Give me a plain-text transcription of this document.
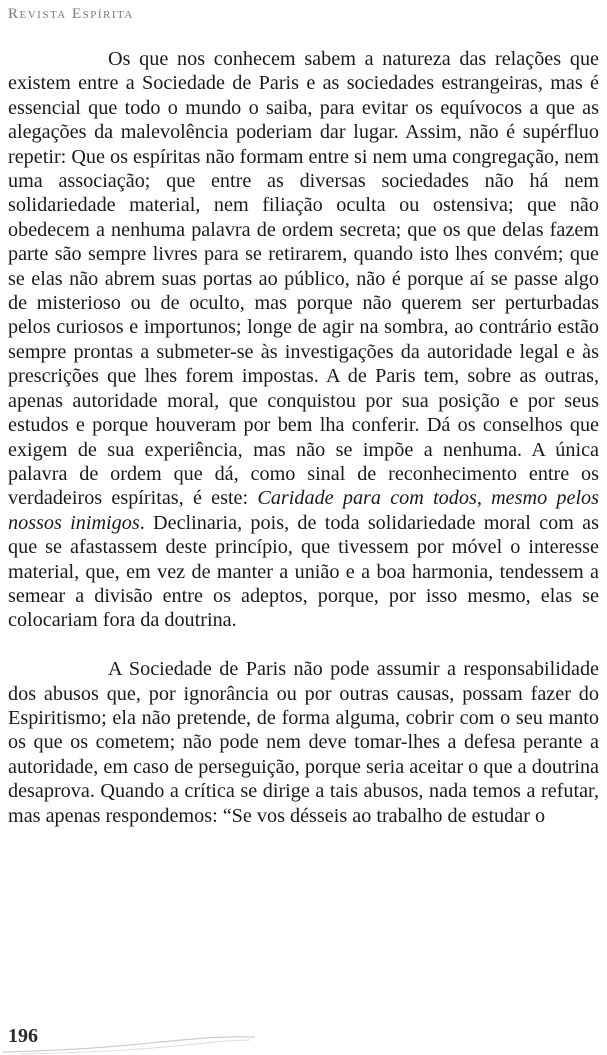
Revista Espírita

Os que nos conhecem sabem a natureza das relações que existem entre a Sociedade de Paris e as sociedades estrangeiras, mas é essencial que todo o mundo o saiba, para evitar os equívocos a que as alegações da malevolência poderiam dar lugar. Assim, não é supérfluo repetir: Que os espíritas não formam entre si nem uma congregação, nem uma associação; que entre as diversas sociedades não há nem solidariedade material, nem filiação oculta ou ostensiva; que não obedecem a nenhuma palavra de ordem secreta; que os que delas fazem parte são sempre livres para se retirarem, quando isto lhes convém; que se elas não abrem suas portas ao público, não é porque aí se passe algo de misterioso ou de oculto, mas porque não querem ser perturbadas pelos curiosos e importunos; longe de agir na sombra, ao contrário estão sempre prontas a submeter-se às investigações da autoridade legal e às prescrições que lhes forem impostas. A de Paris tem, sobre as outras, apenas autoridade moral, que conquistou por sua posição e por seus estudos e porque houveram por bem lha conferir. Dá os conselhos que exigem de sua experiência, mas não se impõe a nenhuma. A única palavra de ordem que dá, como sinal de reconhecimento entre os verdadeiros espíritas, é este: Caridade para com todos, mesmo pelos nossos inimigos. Declinaria, pois, de toda solidariedade moral com as que se afastassem deste princípio, que tivessem por móvel o interesse material, que, em vez de manter a união e a boa harmonia, tendessem a semear a divisão entre os adeptos, porque, por isso mesmo, elas se colocariam fora da doutrina.

A Sociedade de Paris não pode assumir a responsabilidade dos abusos que, por ignorância ou por outras causas, possam fazer do Espiritismo; ela não pretende, de forma alguma, cobrir com o seu manto os que os cometem; não pode nem deve tomar-lhes a defesa perante a autoridade, em caso de perseguição, porque seria aceitar o que a doutrina desaprova. Quando a crítica se dirige a tais abusos, nada temos a refutar, mas apenas respondemos: “Se vos désseis ao trabalho de estudar o

196
